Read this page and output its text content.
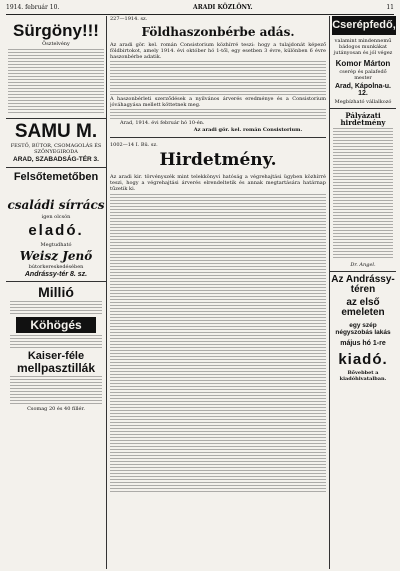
1914. február 10.	ARADI KÖZLÖNY.	11
Sürgöny!!!
Ösztelvény
SAMU M.
FESTŐ, BÚTOR, CSOMAGOLÁS ÉS SZŐNYEGIRODA
ARAD, SZABADSÁG-TÉR 3.
Felsőtemetőben
családi sírrács
igen olcsón
eladó.
Megtudható
Weisz Jenő
bútorkereskedésében
Andrássy-tér 8. sz.
Millió
Köhögés
Kaiser-féle
mellpasztillák
Csomag 20 és 40 fillér.
227—1914. sz.
Földhaszonbérbe adás.
Az aradi gör. kel. román Consistorium közhírré teszi: hogy a tulajdonát képező földbirtokot, amely 1914. évi október hó 1-től, egy esetben 3 évre, különben 6 évre haszonbérbe adatik.
A haszonbérleti szerződések a nyilvános árverés eredménye és a Consistorium jóváhagyása mellett köttetnek meg.
Arad, 1914. évi február hó 10-én.
Az aradi gör. kel. román Consistorium.
1002—14 I. Bü. sz.
Hirdetmény.
Az aradi kir. törvényszék mint telekkönyvi hatóság a végrehajtási ügyben közhírré teszi, hogy a végrehajtási árverés elrendeltetik és annak megtartására határnap tűzetik ki.
Cserépfedő,
valamint mindennemű bádogos munkákat jutányosan és jól végez
Komor Márton
cserép és palafedő mester
Arad, Kápolna-u. 12.
Megbízható vállalkozó
Pályázati hirdetmény
Dr. Angel.
Az Andrássy-téren
az első emeleten
egy szép négyszobás lakás
május hó 1-re
kiadó.
Bővebbet a kiadóhivatalban.
